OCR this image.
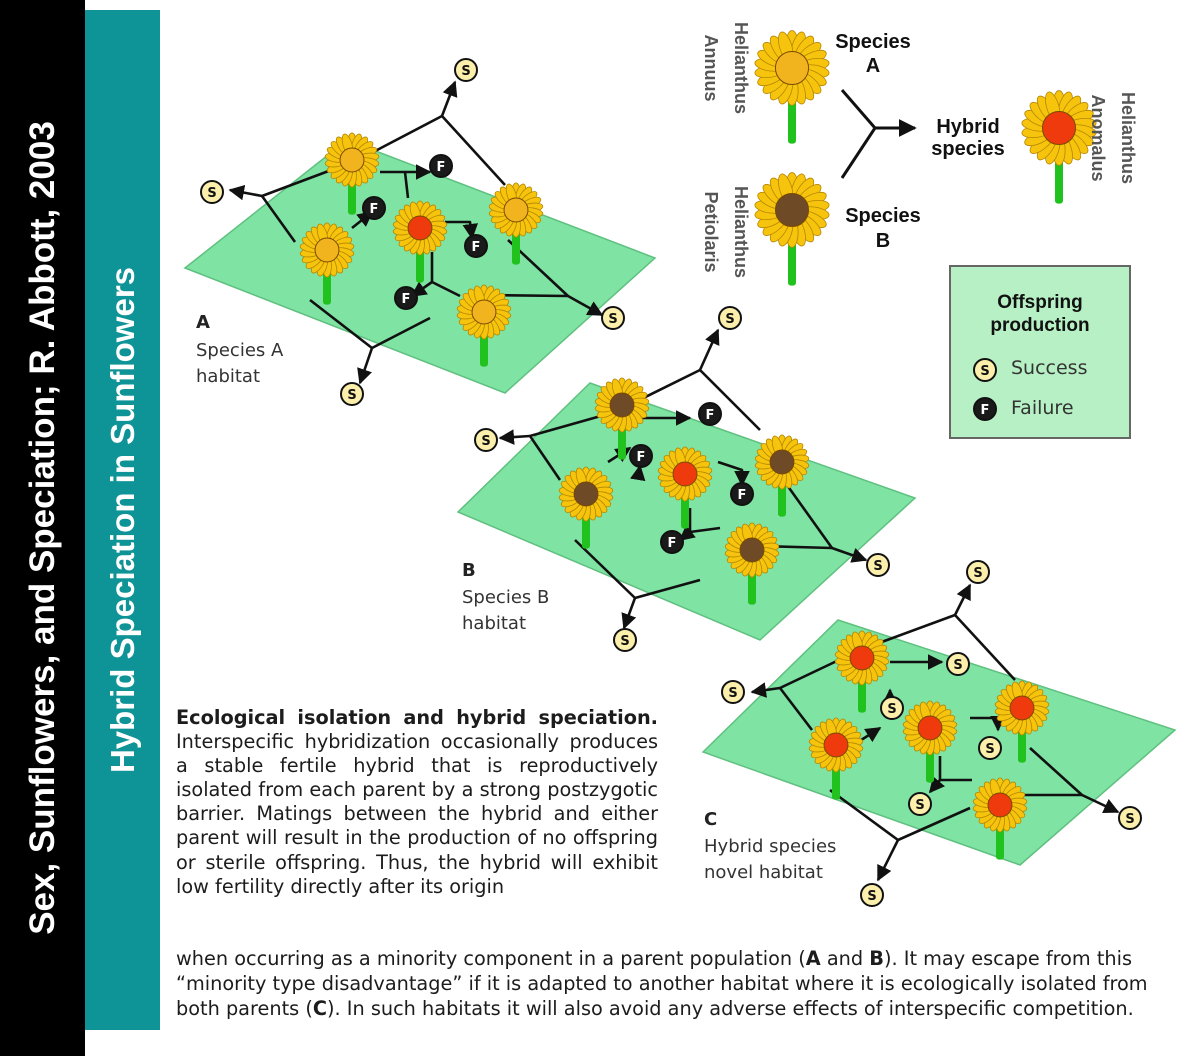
Sex, Sunflowers, and Speciation; R. Abbott, 2003 Hybrid Speciation in Sunflowers	S
F
S
S
F
F
F
F
S
S
S
S
F
F
F
F
S
S
S
S
S
S
S
S
S
S
Helianthus
Annuus
Helianthus
Petiolaris
Helianthus
Anomalus
Species
A
Species
B
Hybrid
species
Offspring
production
Success
Failure
A
Species A
habitat
B
Species B
habitat
C
Hybrid species
novel habitat
Ecological isolation and hybrid speciation. Interspecific hybridization occasionally produces a stable fertile hybrid that is reproductively isolated from each parent by a strong postzygotic barrier. Matings between the hybrid and either parent will result in the production of no offspring or sterile offspring. Thus, the hybrid will exhibit low fertility directly after its origin
when occurring as a minority component in a parent population (A and B). It may escape from this “minority type disadvantage” if it is adapted to another habitat where it is ecologically isolated from both parents (C). In such habitats it will also avoid any adverse effects of interspecific competition.
